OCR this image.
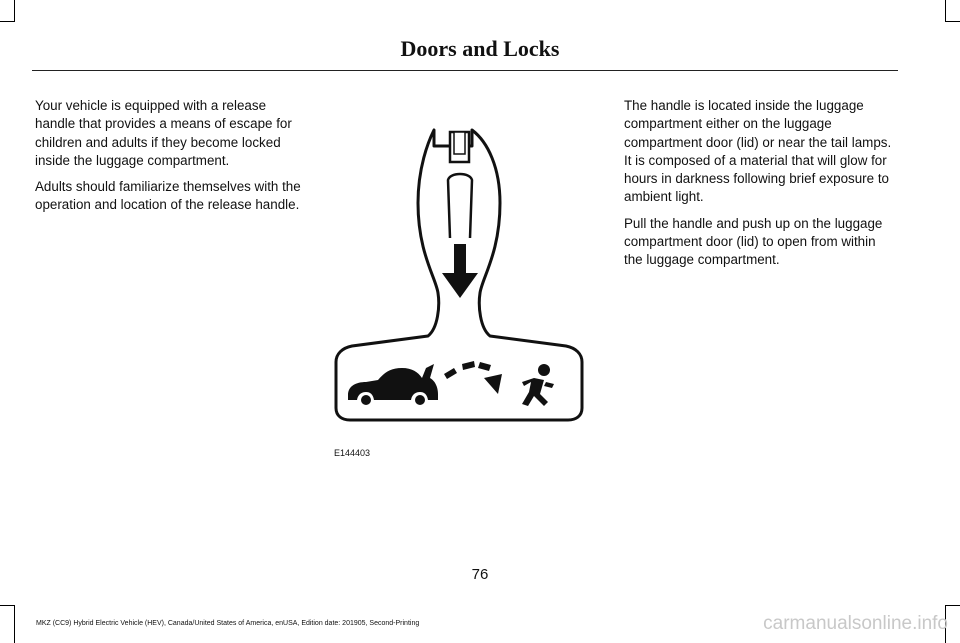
Doors and Locks

Your vehicle is equipped with a release handle that provides a means of escape for children and adults if they become locked inside the luggage compartment.

Adults should familiarize themselves with the operation and location of the release handle.

E144403

The handle is located inside the luggage compartment either on the luggage compartment door (lid) or near the tail lamps. It is composed of a material that will glow for hours in darkness following brief exposure to ambient light.

Pull the handle and push up on the luggage compartment door (lid) to open from within the luggage compartment.

76
MKZ (CC9) Hybrid Electric Vehicle (HEV), Canada/United States of America, enUSA, Edition date: 201905, Second-Printing	carmanualsonline.info
